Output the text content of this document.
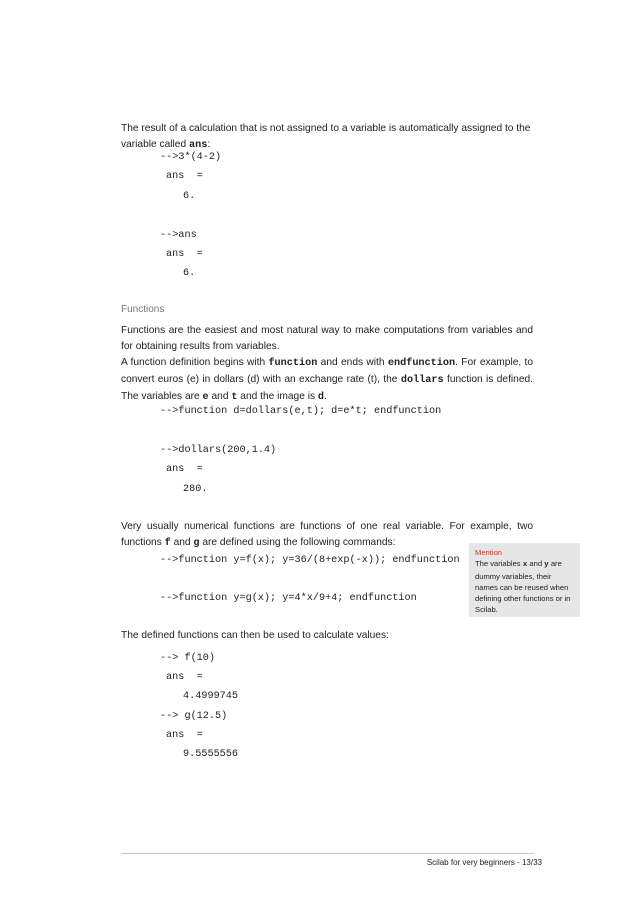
The result of a calculation that is not assigned to a variable is automatically assigned to the
variable called ans:
-->3*(4-2)
ans  =
6.
-->ans
ans  =
6.
Functions
Functions are the easiest and most natural way to make computations from variables and for obtaining results from variables.
A function definition begins with function and ends with endfunction. For example, to convert euros (e) in dollars (d) with an exchange rate (t), the dollars function is defined. The variables are e and t and the image is d.
-->function d=dollars(e,t); d=e*t; endfunction
-->dollars(200,1.4)
ans  =
280.
Very usually numerical functions are functions of one real variable. For example, two functions f and g are defined using the following commands:
-->function y=f(x); y=36/(8+exp(-x)); endfunction
-->function y=g(x); y=4*x/9+4; endfunction
Mention
The variables x and y are dummy variables, their names can be reused when defining other functions or in Scilab.
The defined functions can then be used to calculate values:
--> f(10)
ans  =
4.4999745
--> g(12.5)
ans  =
9.5555556
Scilab for very beginners - 13/33
